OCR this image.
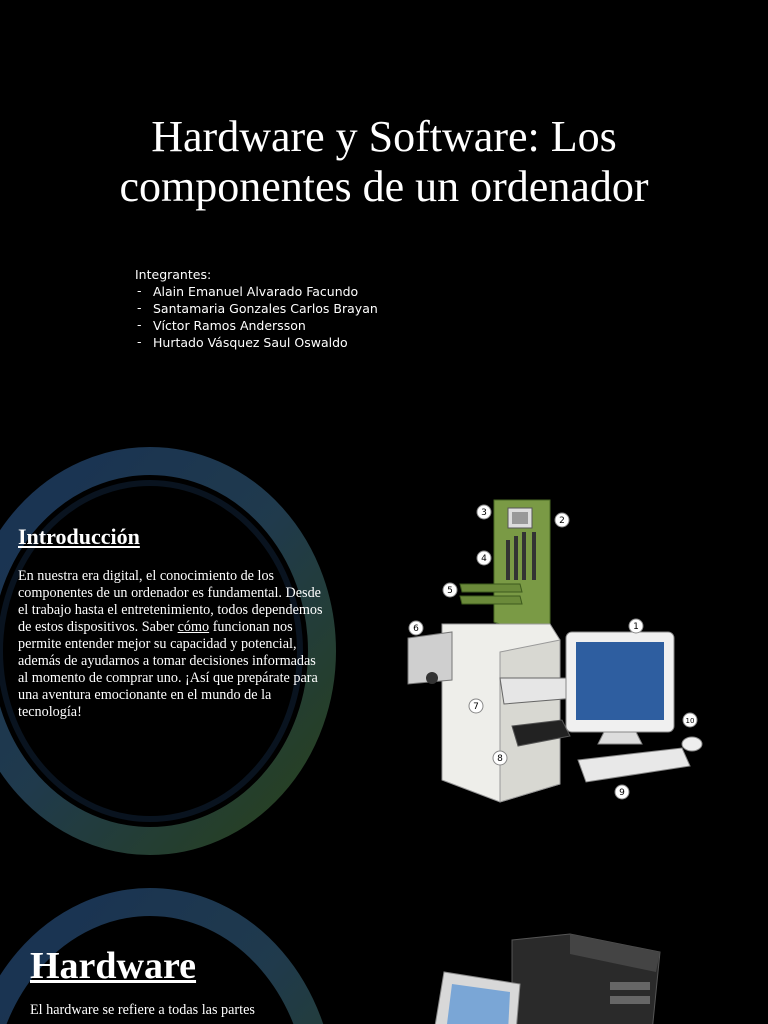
Hardware y Software: Los componentes de un ordenador
Integrantes:
- Alain Emanuel Alvarado Facundo
- Santamaria Gonzales Carlos Brayan
- Víctor Ramos Andersson
- Hurtado Vásquez Saul Oswaldo
Introducción

En nuestra era digital, el conocimiento de los componentes de un ordenador es fundamental. Desde el trabajo hasta el entretenimiento, todos dependemos de estos dispositivos. Saber cómo funcionan nos permite entender mejor su capacidad y potencial, además de ayudarnos a tomar decisiones informadas al momento de comprar uno. ¡Así que prepárate para una aventura emocionante en el mundo de la tecnología!

1
2
3
4
5
6
7
8
9
10
Hardware

El hardware se refiere a todas las partes
